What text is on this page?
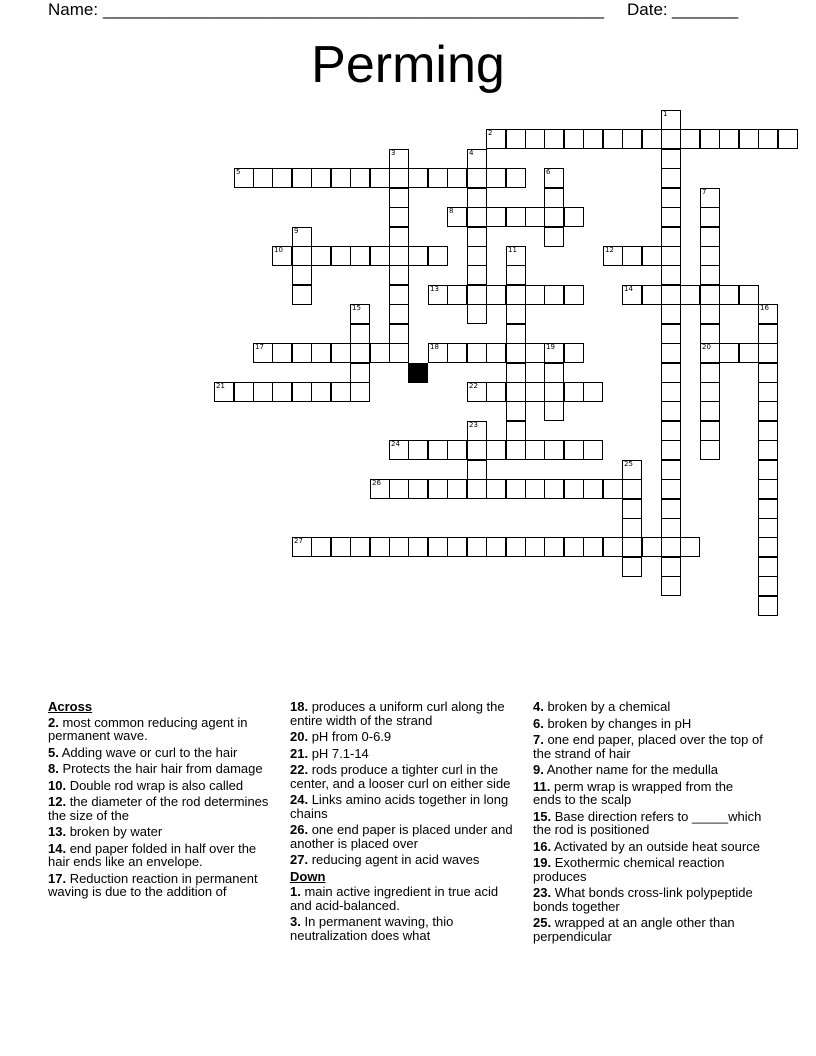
Name: _____________________________________________________ Date: _______
Perming
1
2
3	4
5	6
7
20
8
9
10	11	12
13	14
15	16
17	18	19
21	22
23
24
25
26
27
Across
2. most common reducing agent in permanent wave.
5. Adding wave or curl to the hair
8. Protects the hair hair from damage
10. Double rod wrap is also called
12. the diameter of the rod determines the size of the
13. broken by water
14. end paper folded in half over the hair ends like an envelope.
17. Reduction reaction in permanent waving is due to the addition of
18. produces a uniform curl along the entire width of the strand
20. pH from 0-6.9
21. pH 7.1-14
22. rods produce a tighter curl in the center, and a looser curl on either side
24. Links amino acids together in long chains
26. one end paper is placed under and another is placed over
27. reducing agent in acid waves
Down
1. main active ingredient in true acid and acid-balanced.
3. In permanent waving, thio neutralization does what
4. broken by a chemical
6. broken by changes in pH
7. one end paper, placed over the top of the strand of hair
9. Another name for the medulla
11. perm wrap is wrapped from the ends to the scalp
15. Base direction refers to _____which the rod is positioned
16. Activated by an outside heat source
19. Exothermic chemical reaction produces
23. What bonds cross-link polypeptide bonds together
25. wrapped at an angle other than perpendicular
